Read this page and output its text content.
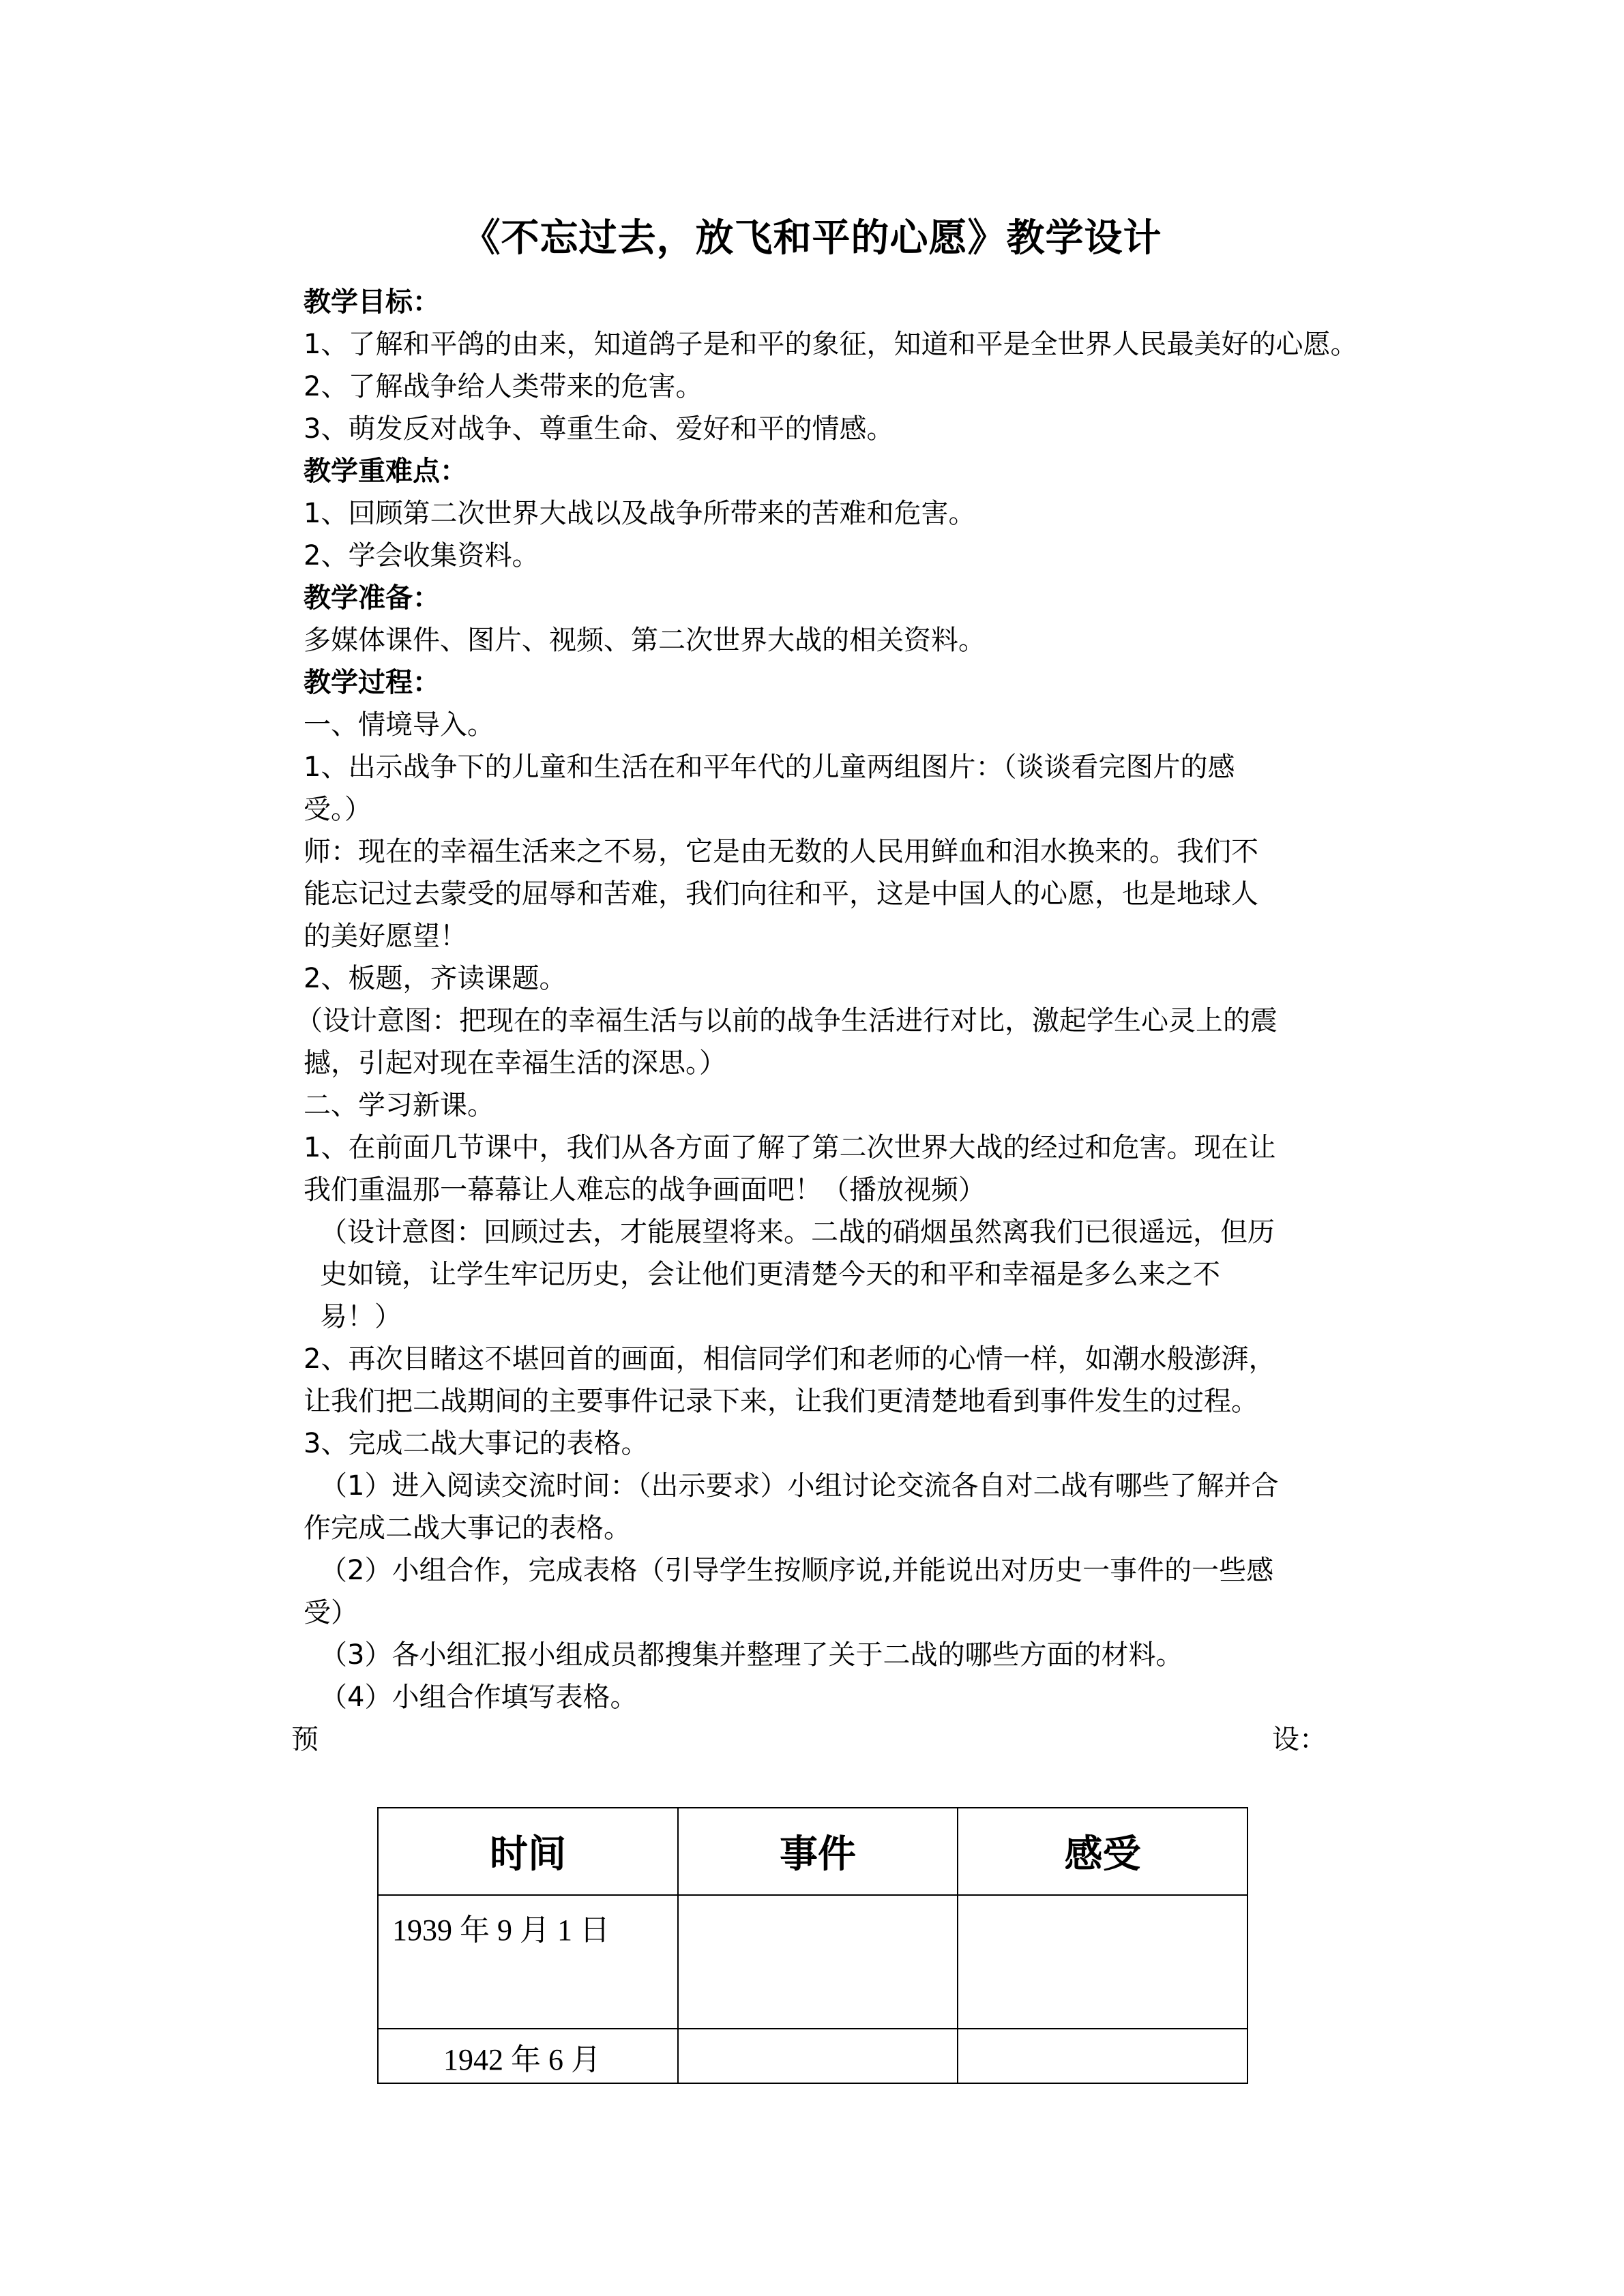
《不忘过去，放飞和平的心愿》教学设计

教学目标：

1、了解和平鸽的由来，知道鸽子是和平的象征，知道和平是全世界人民最美好的心愿。

2、了解战争给人类带来的危害。

3、萌发反对战争、尊重生命、爱好和平的情感。

教学重难点：

1、回顾第二次世界大战以及战争所带来的苦难和危害。

2、学会收集资料。

教学准备：

多媒体课件、图片、视频、第二次世界大战的相关资料。

教学过程：

一、情境导入。

1、出示战争下的儿童和生活在和平年代的儿童两组图片：（谈谈看完图片的感

受。）

师：现在的幸福生活来之不易，它是由无数的人民用鲜血和泪水换来的。我们不

能忘记过去蒙受的屈辱和苦难，我们向往和平，这是中国人的心愿，也是地球人

的美好愿望！

2、板题，齐读课题。

（设计意图：把现在的幸福生活与以前的战争生活进行对比，激起学生心灵上的震

撼，引起对现在幸福生活的深思。）

二、学习新课。

1、在前面几节课中，我们从各方面了解了第二次世界大战的经过和危害。现在让

我们重温那一幕幕让人难忘的战争画面吧！（播放视频）

（设计意图：回顾过去，才能展望将来。二战的硝烟虽然离我们已很遥远，但历

史如镜，让学生牢记历史，会让他们更清楚今天的和平和幸福是多么来之不

易！）

2、再次目睹这不堪回首的画面，相信同学们和老师的心情一样，如潮水般澎湃，

让我们把二战期间的主要事件记录下来，让我们更清楚地看到事件发生的过程。

3、完成二战大事记的表格。

（1）进入阅读交流时间：（出示要求）小组讨论交流各自对二战有哪些了解并合

作完成二战大事记的表格。

（2）小组合作，完成表格（引导学生按顺序说,并能说出对历史一事件的一些感

受）

（3）各小组汇报小组成员都搜集并整理了关于二战的哪些方面的材料。

（4）小组合作填写表格。

预	设：
时间	事件	感受
1939 年 9 月 1 日		
1942 年 6 月		
